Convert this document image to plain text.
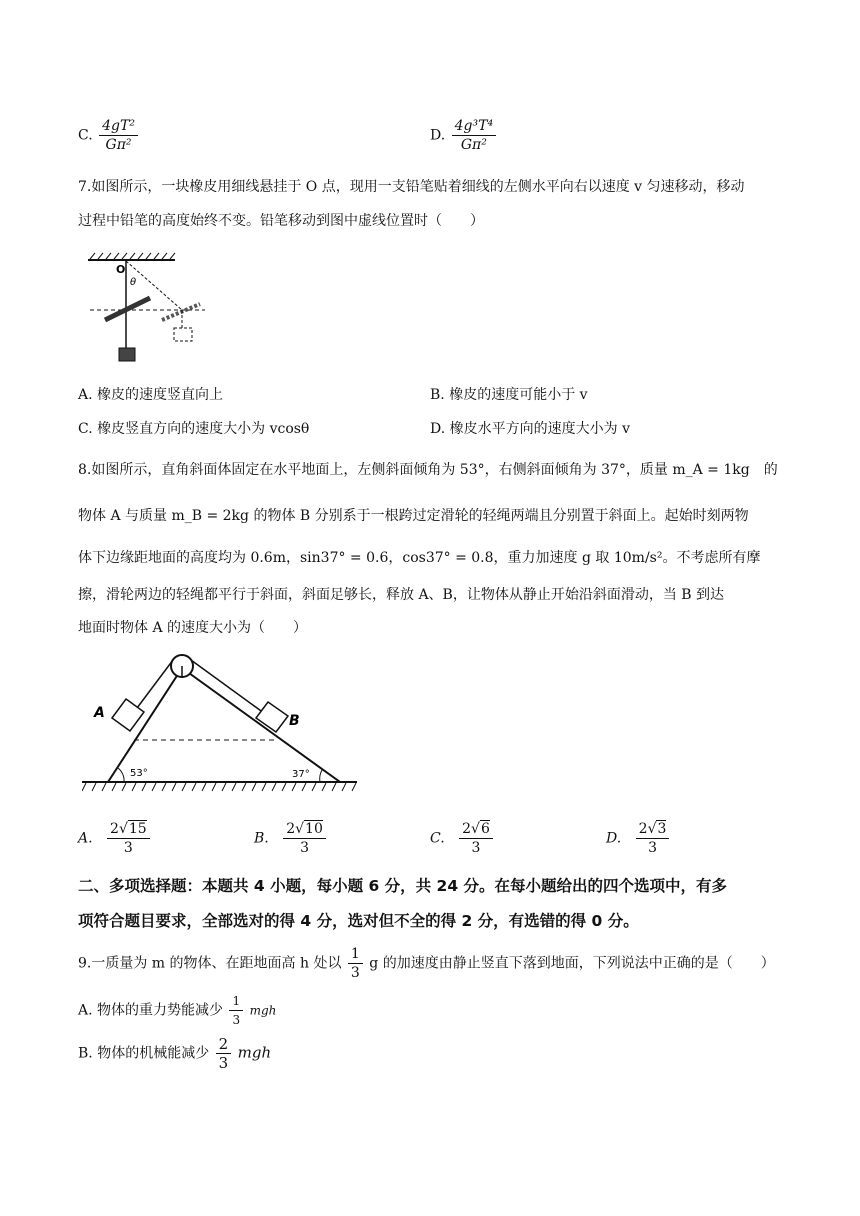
C. $\frac{\text{4gT²}}{\text{Gπ²}}$	D. $\frac{\text{4g³T⁴}}{\text{Gπ²}}$
7.如图所示，一块橡皮用细线悬挂于 O 点，现用一支铅笔贴着细线的左侧水平向右以速度 v 匀速移动，移动
过程中铅笔的高度始终不变。铅笔移动到图中虚线位置时（　　）
O
θ
A. 橡皮的速度竖直向上	B. 橡皮的速度可能小于 v
C. 橡皮竖直方向的速度大小为 vcosθ	D. 橡皮水平方向的速度大小为 v
8.如图所示，直角斜面体固定在水平地面上，左侧斜面倾角为 53°，右侧斜面倾角为 37°，质量 m_A = 1kg　的
物体 A 与质量 m_B = 2kg 的物体 B 分别系于一根跨过定滑轮的轻绳两端且分别置于斜面上。起始时刻两物
体下边缘距地面的高度均为 0.6m，sin37° = 0.6，cos37° = 0.8，重力加速度 g 取 10m/s²。不考虑所有摩
擦，滑轮两边的轻绳都平行于斜面，斜面足够长，释放 A、B，让物体从静止开始沿斜面滑动，当 B 到达
地面时物体 A 的速度大小为（　　）
A	B
53°	37°
A. $\frac{2√15}{3}$	B. $\frac{2√10}{3}$	C. $\frac{2√6}{3}$	D. $\frac{2√3}{3}$
二、多项选择题：本题共 4 小题，每小题 6 分，共 24 分。在每小题给出的四个选项中，有多
项符合题目要求，全部选对的得 4 分，选对但不全的得 2 分，有选错的得 0 分。
9.一质量为 m 的物体、在距地面高 h 处以 $\frac{1}{3}$ g 的加速度由静止竖直下落到地面，下列说法中正确的是（　　）
A. 物体的重力势能减少 $\frac{1}{3}$ mgh
B. 物体的机械能减少 $\frac{2}{3}$ mgh
